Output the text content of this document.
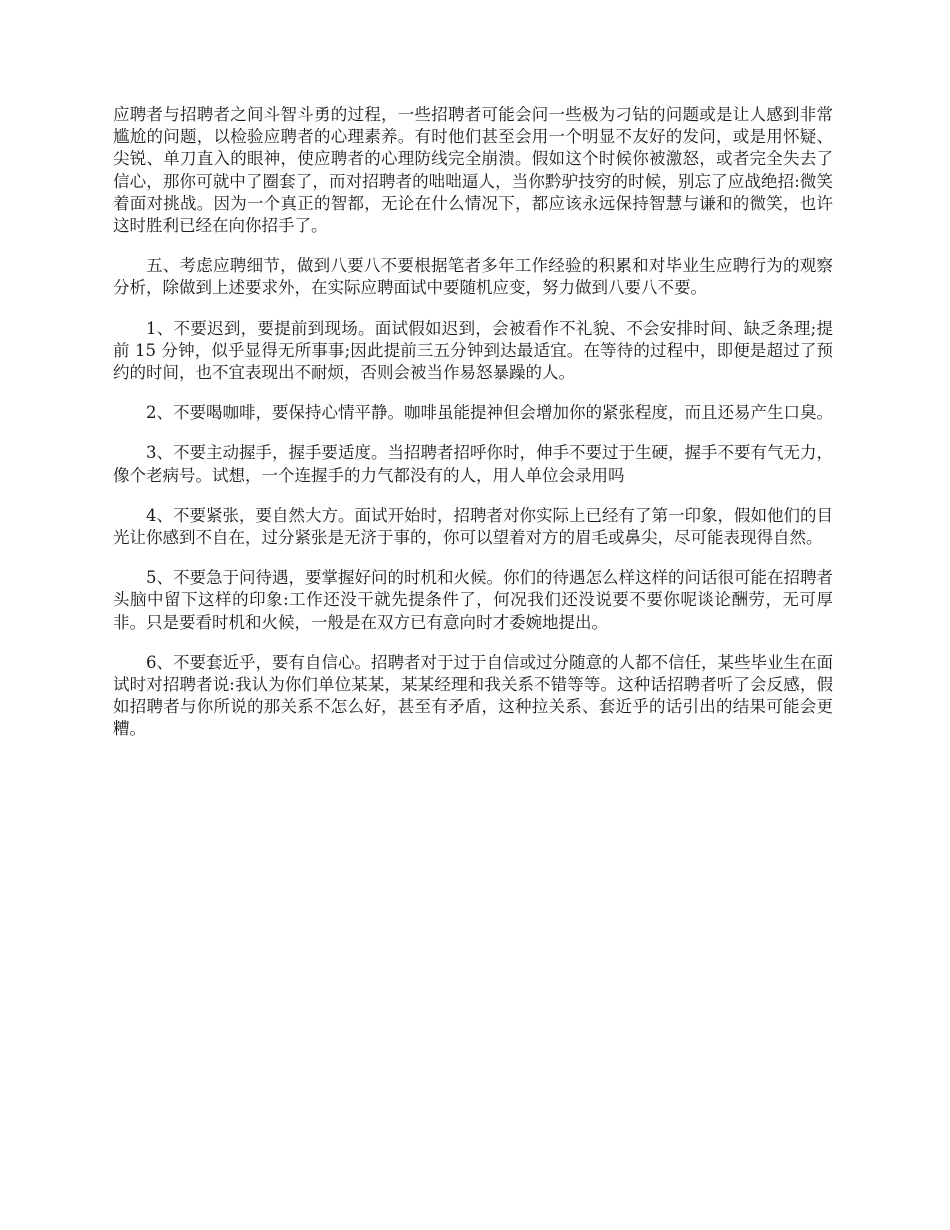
应聘者与招聘者之间斗智斗勇的过程，一些招聘者可能会问一些极为刁钻的问题或是让人感到非常尴尬的问题，以检验应聘者的心理素养。有时他们甚至会用一个明显不友好的发问，或是用怀疑、尖锐、单刀直入的眼神，使应聘者的心理防线完全崩溃。假如这个时候你被激怒，或者完全失去了信心，那你可就中了圈套了，而对招聘者的咄咄逼人，当你黔驴技穷的时候，别忘了应战绝招:微笑着面对挑战。因为一个真正的智都，无论在什么情况下，都应该永远保持智慧与谦和的微笑，也许这时胜利已经在向你招手了。

五、考虑应聘细节，做到八要八不要根据笔者多年工作经验的积累和对毕业生应聘行为的观察分析，除做到上述要求外，在实际应聘面试中要随机应变，努力做到八要八不要。

1、不要迟到，要提前到现场。面试假如迟到，会被看作不礼貌、不会安排时间、缺乏条理;提前 15 分钟，似乎显得无所事事;因此提前三五分钟到达最适宜。在等待的过程中，即便是超过了预约的时间，也不宜表现出不耐烦，否则会被当作易怒暴躁的人。

2、不要喝咖啡，要保持心情平静。咖啡虽能提神但会增加你的紧张程度，而且还易产生口臭。

3、不要主动握手，握手要适度。当招聘者招呼你时，伸手不要过于生硬，握手不要有气无力，像个老病号。试想，一个连握手的力气都没有的人，用人单位会录用吗

4、不要紧张，要自然大方。面试开始时，招聘者对你实际上已经有了第一印象，假如他们的目光让你感到不自在，过分紧张是无济于事的，你可以望着对方的眉毛或鼻尖，尽可能表现得自然。

5、不要急于问待遇，要掌握好问的时机和火候。你们的待遇怎么样这样的问话很可能在招聘者头脑中留下这样的印象:工作还没干就先提条件了，何况我们还没说要不要你呢谈论酬劳，无可厚非。只是要看时机和火候，一般是在双方已有意向时才委婉地提出。

6、不要套近乎，要有自信心。招聘者对于过于自信或过分随意的人都不信任，某些毕业生在面试时对招聘者说:我认为你们单位某某，某某经理和我关系不错等等。这种话招聘者听了会反感，假如招聘者与你所说的那关系不怎么好，甚至有矛盾，这种拉关系、套近乎的话引出的结果可能会更糟。
